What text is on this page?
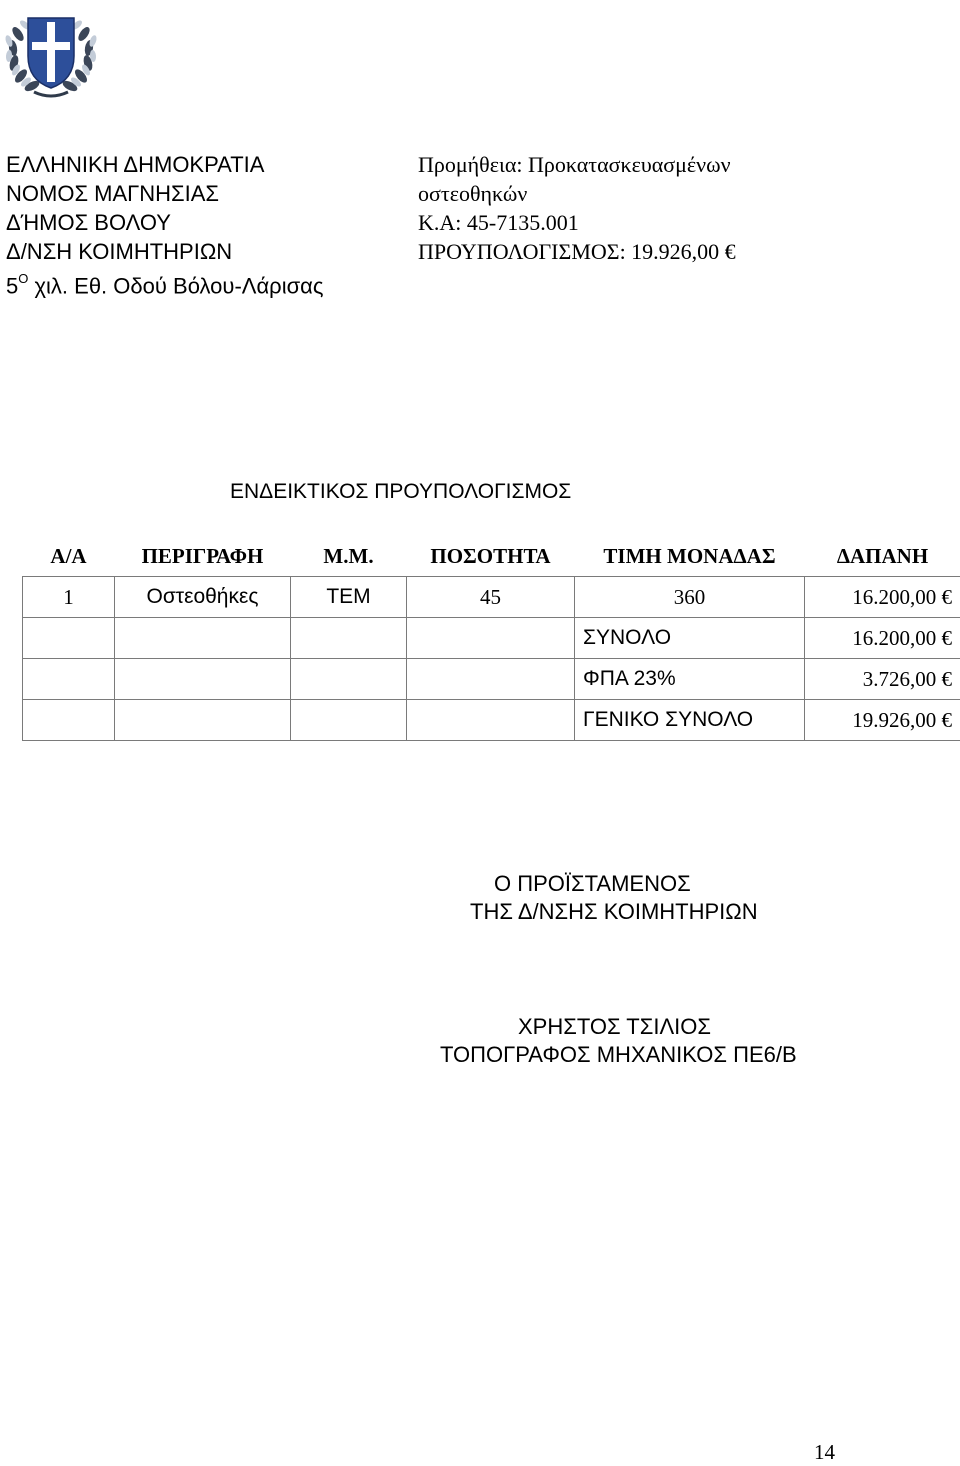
ΕΛΛΗΝΙΚΗ ΔΗΜΟΚΡΑΤΙΑ
ΝΟΜΟΣ ΜΑΓΝΗΣΙΑΣ
ΔΉΜΟΣ ΒΟΛΟΥ
Δ/ΝΣΗ ΚΟΙΜΗΤΗΡΙΩΝ
$5^O$ χιλ. Εθ. Οδού Βόλου-Λάρισας
Προμήθεια: Προκατασκευασμένων
οστεοθηκών
Κ.Α: 45-7135.001
ΠΡΟΥΠΟΛΟΓΙΣΜΟΣ: 19.926,00 €
ΕΝΔΕΙΚΤΙΚΟΣ ΠΡΟΥΠΟΛΟΓΙΣΜΟΣ
Α/Α	ΠΕΡΙΓΡΑΦΗ	Μ.Μ.	ΠΟΣΟΤΗΤΑ	ΤΙΜΗ ΜΟΝΑΔΑΣ	ΔΑΠΑΝΗ
1	Οστεοθήκες	ΤΕΜ	45	360	16.200,00 €
				ΣΥΝΟΛΟ	16.200,00 €
				ΦΠΑ 23%	3.726,00 €
				ΓΕΝΙΚΟ ΣΥΝΟΛΟ	19.926,00 €
Ο ΠΡΟΪΣΤΑΜΕΝΟΣ
ΤΗΣ Δ/ΝΣΗΣ ΚΟΙΜΗΤΗΡΙΩΝ
ΧΡΗΣΤΟΣ ΤΣΙΛΙΟΣ
ΤΟΠΟΓΡΑΦΟΣ ΜΗΧΑΝΙΚΟΣ ΠΕ6/Β
14
